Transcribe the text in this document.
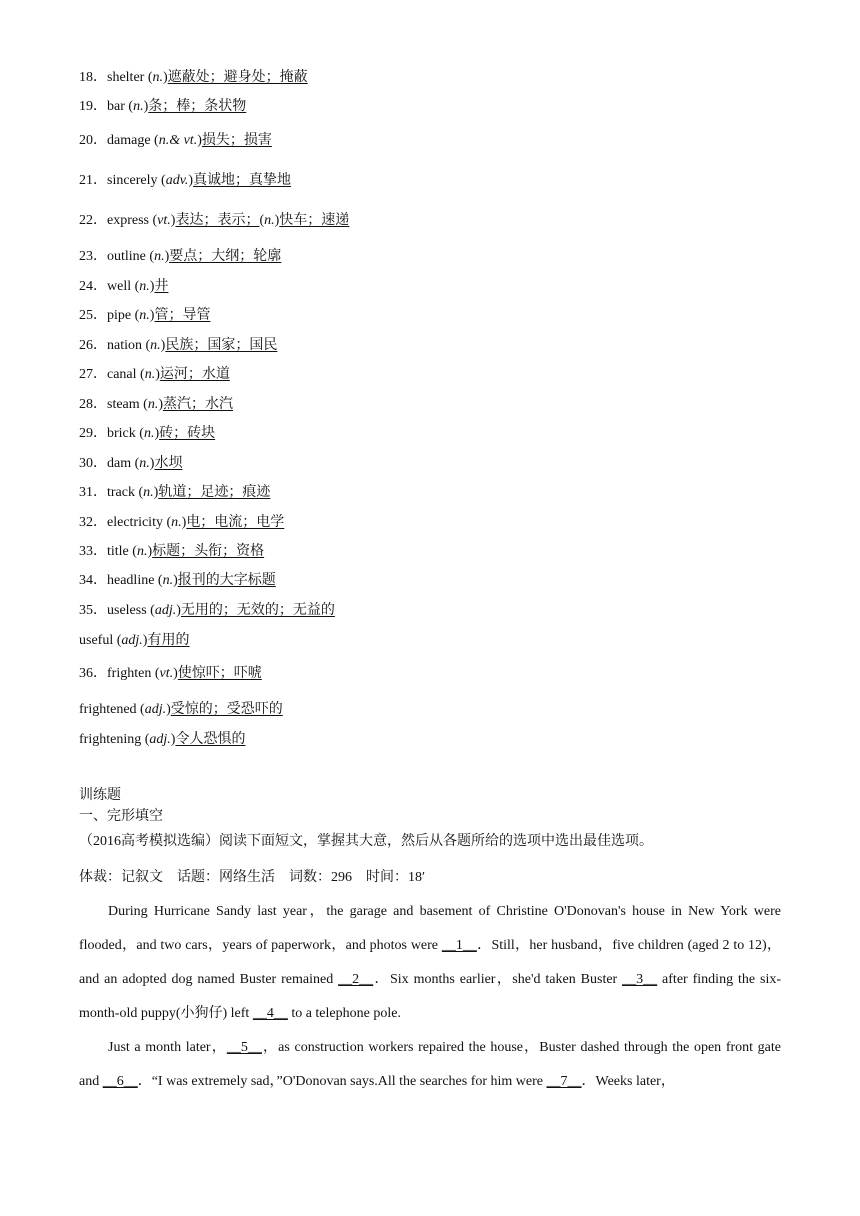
18．shelter (n.)遮蔽处；避身处；掩蔽
19．bar (n.)条；棒；条状物
20．damage (n.& vt.)损失；损害
21．sincerely (adv.)真诚地；真挚地
22．express (vt.)表达；表示；(n.)快车；速递
23．outline (n.)要点；大纲；轮廓
24．well (n.)井
25．pipe (n.)管；导管
26．nation (n.)民族；国家；国民
27．canal (n.)运河；水道
28．steam (n.)蒸汽；水汽
29．brick (n.)砖；砖块
30．dam (n.)水坝
31．track (n.)轨道；足迹；痕迹
32．electricity (n.)电；电流；电学
33．title (n.)标题；头衔；资格
34．headline (n.)报刊的大字标题
35．useless (adj.)无用的；无效的；无益的
useful (adj.)有用的
36．frighten (vt.)使惊吓；吓唬
frightened (adj.)受惊的；受恐吓的
frightening (adj.)令人恐惧的
训练题
一、完形填空
（2016高考模拟选编）阅读下面短文，掌握其大意，然后从各题所给的选项中选出最佳选项。
体裁：记叙文　话题：网络生活　词数：296　时间：18′

During Hurricane Sandy last year，the garage and basement of Christine O'Donovan's house in New York were flooded，and two cars，years of paperwork，and photos were __1__．Still，her husband，five children (aged 2 to 12)，and an adopted dog named Buster remained __2__．Six months earlier，she'd taken Buster __3__ after finding the six-month-old puppy(小狗仔) left __4__ to a telephone pole.

Just a month later，__5__，as construction workers repaired the house，Buster dashed through the open front gate and __6__．“I was extremely sad，”O'Donovan says.All the searches for him were __7__．Weeks later，
